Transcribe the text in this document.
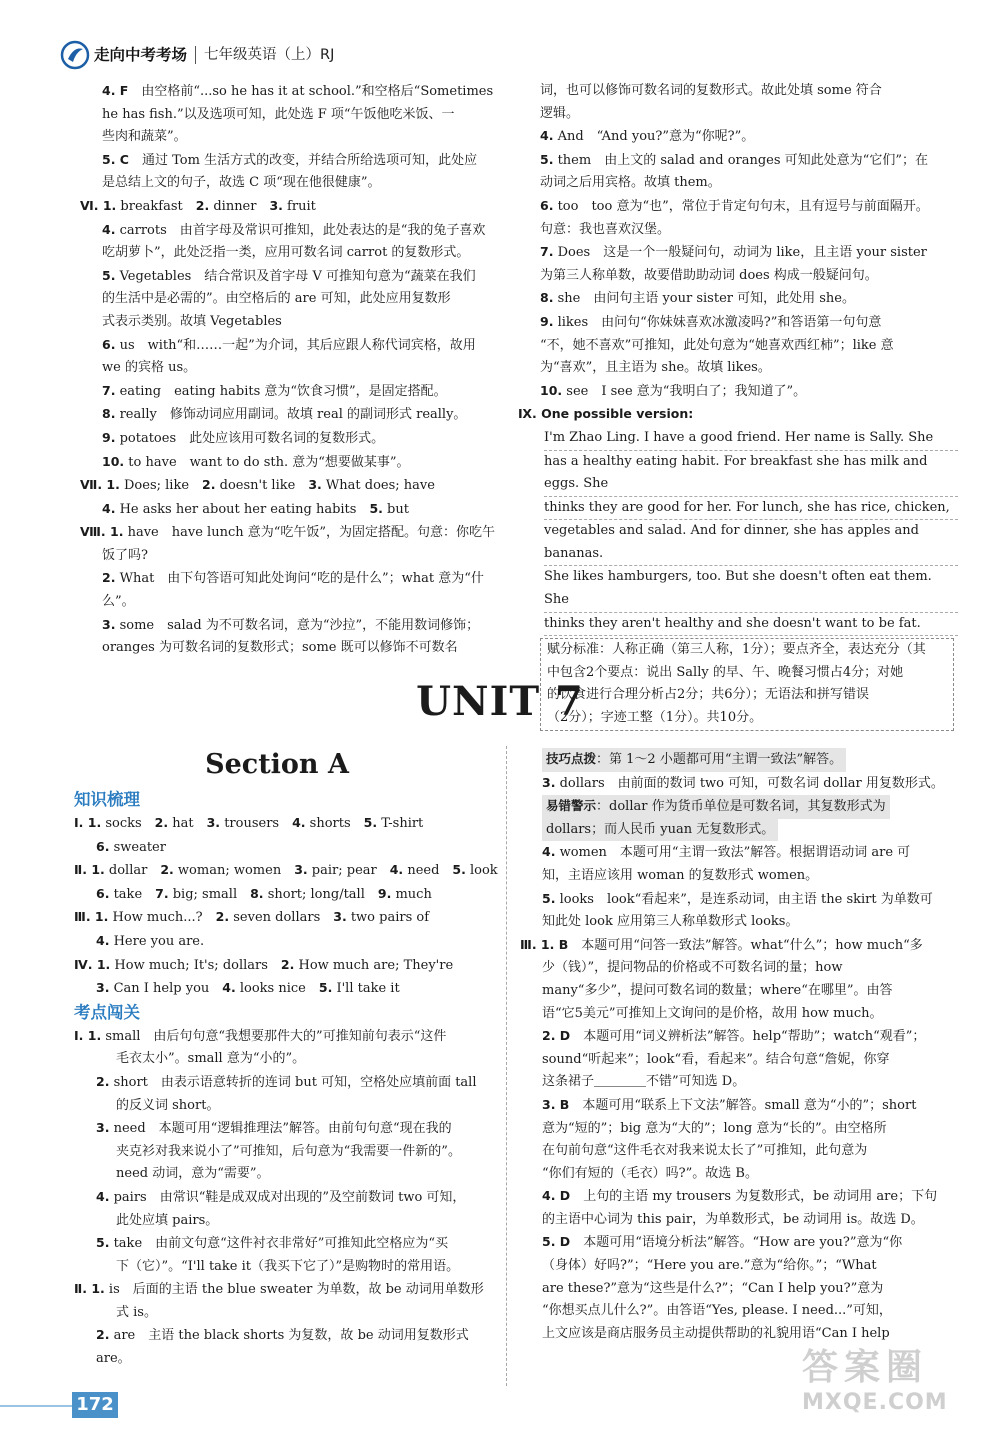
走向中考考场 七年级英语（上）RJ

4. F　由空格前“...so he has it at school.”和空格后“Sometimes

he has fish.”以及选项可知，此处选 F 项“午饭他吃米饭、一

些肉和蔬菜”。

5. C　通过 Tom 生活方式的改变，并结合所给选项可知，此处应

是总结上文的句子，故选 C 项“现在他很健康”。

Ⅵ. 1. breakfast　2. dinner　3. fruit

4. carrots　由首字母及常识可推知，此处表达的是“我的兔子喜欢

吃胡萝卜”，此处泛指一类，应用可数名词 carrot 的复数形式。

5. Vegetables　结合常识及首字母 V 可推知句意为“蔬菜在我们

的生活中是必需的”。由空格后的 are 可知，此处应用复数形

式表示类别。故填 Vegetables

6. us　with“和……一起”为介词，其后应跟人称代词宾格，故用

we 的宾格 us。

7. eating　eating habits 意为“饮食习惯”，是固定搭配。

8. really　修饰动词应用副词。故填 real 的副词形式 really。

9. potatoes　此处应该用可数名词的复数形式。

10. to have　want to do sth. 意为“想要做某事”。

Ⅶ. 1. Does; like　2. doesn't like　3. What does; have

4. He asks her about her eating habits　5. but

Ⅷ. 1. have　have lunch 意为“吃午饭”，为固定搭配。句意：你吃午

饭了吗?

2. What　由下句答语可知此处询问“吃的是什么”；what 意为“什

么”。

3. some　salad 为不可数名词，意为“沙拉”，不能用数词修饰；

oranges 为可数名词的复数形式；some 既可以修饰不可数名

词，也可以修饰可数名词的复数形式。故此处填 some 符合

逻辑。

4. And　“And you?”意为“你呢?”。

5. them　由上文的 salad and oranges 可知此处意为“它们”；在

动词之后用宾格。故填 them。

6. too　too 意为“也”，常位于肯定句句末，且有逗号与前面隔开。

句意：我也喜欢汉堡。

7. Does　这是一个一般疑问句，动词为 like，且主语 your sister

为第三人称单数，故要借助助动词 does 构成一般疑问句。

8. she　由问句主语 your sister 可知，此处用 she。

9. likes　由问句“你妹妹喜欢冰激凌吗?”和答语第一句句意

“不，她不喜欢”可推知，此处句意为“她喜欢西红柿”；like 意

为“喜欢”，且主语为 she。故填 likes。

10. see　I see 意为“我明白了；我知道了”。

Ⅸ. One possible version:

I'm Zhao Ling. I have a good friend. Her name is Sally. She

has a healthy eating habit. For breakfast she has milk and eggs. She

thinks they are good for her. For lunch, she has rice, chicken,

vegetables and salad. And for dinner, she has apples and bananas.

She likes hamburgers, too. But she doesn't often eat them. She

thinks they aren't healthy and she doesn't want to be fat.

赋分标准：人称正确（第三人称，1分）；要点齐全，表达充分（其

中包含2个要点：说出 Sally 的早、午、晚餐习惯占4分；对她

的饮食进行合理分析占2分；共6分）；无语法和拼写错误

（2分）；字迹工整（1分）。共10分。

UNIT 7
Section A

知识梳理

Ⅰ. 1. socks　2. hat　3. trousers　4. shorts　5. T-shirt

6. sweater

Ⅱ. 1. dollar　2. woman; women　3. pair; pear　4. need　5. look

6. take　7. big; small　8. short; long/tall　9. much

Ⅲ. 1. How much...?　2. seven dollars　3. two pairs of

4. Here you are.

Ⅳ. 1. How much; It's; dollars　2. How much are; They're

3. Can I help you　4. looks nice　5. I'll take it

考点闯关

Ⅰ. 1. small　由后句句意“我想要那件大的”可推知前句表示“这件

毛衣太小”。small 意为“小的”。

2. short　由表示语意转折的连词 but 可知，空格处应填前面 tall

的反义词 short。

3. need　本题可用“逻辑推理法”解答。由前句句意“现在我的

夹克衫对我来说小了”可推知，后句意为“我需要一件新的”。

need 动词，意为“需要”。

4. pairs　由常识“鞋是成双成对出现的”及空前数词 two 可知，

此处应填 pairs。

5. take　由前文句意“这件衬衣非常好”可推知此空格应为“买

下（它）”。“I'll take it（我买下它了）”是购物时的常用语。

Ⅱ. 1. is　后面的主语 the blue sweater 为单数，故 be 动词用单数形

式 is。

2. are　主语 the black shorts 为复数，故 be 动词用复数形式 are。

技巧点拨：第 1～2 小题都可用“主谓一致法”解答。

3. dollars　由前面的数词 two 可知，可数名词 dollar 用复数形式。

易错警示：dollar 作为货币单位是可数名词，其复数形式为

dollars；而人民币 yuan 无复数形式。

4. women　本题可用“主谓一致法”解答。根据谓语动词 are 可

知，主语应该用 woman 的复数形式 women。

5. looks　look“看起来”，是连系动词，由主语 the skirt 为单数可

知此处 look 应用第三人称单数形式 looks。

Ⅲ. 1. B　本题可用“问答一致法”解答。what“什么”；how much“多

少（钱）”，提问物品的价格或不可数名词的量；how

many“多少”，提问可数名词的数量；where“在哪里”。由答

语“它5美元”可推知上文询问的是价格，故用 how much。

2. D　本题可用“词义辨析法”解答。help“帮助”；watch“观看”；

sound“听起来”；look“看，看起来”。结合句意“詹妮，你穿

这条裙子＿＿＿＿不错”可知选 D。

3. B　本题可用“联系上下文法”解答。small 意为“小的”；short

意为“短的”；big 意为“大的”；long 意为“长的”。由空格所

在句前句意“这件毛衣对我来说太长了”可推知，此句意为

“你们有短的（毛衣）吗?”。故选 B。

4. D　上句的主语 my trousers 为复数形式，be 动词用 are；下句

的主语中心词为 this pair，为单数形式，be 动词用 is。故选 D。

5. D　本题可用“语境分析法”解答。“How are you?”意为“你

（身体）好吗?”；“Here you are.”意为“给你。”；“What

are these?”意为“这些是什么?”；“Can I help you?”意为

“你想买点儿什么?”。由答语“Yes, please. I need...”可知，

上文应该是商店服务员主动提供帮助的礼貌用语“Can I help

172
答案圈
MXQE.COM
